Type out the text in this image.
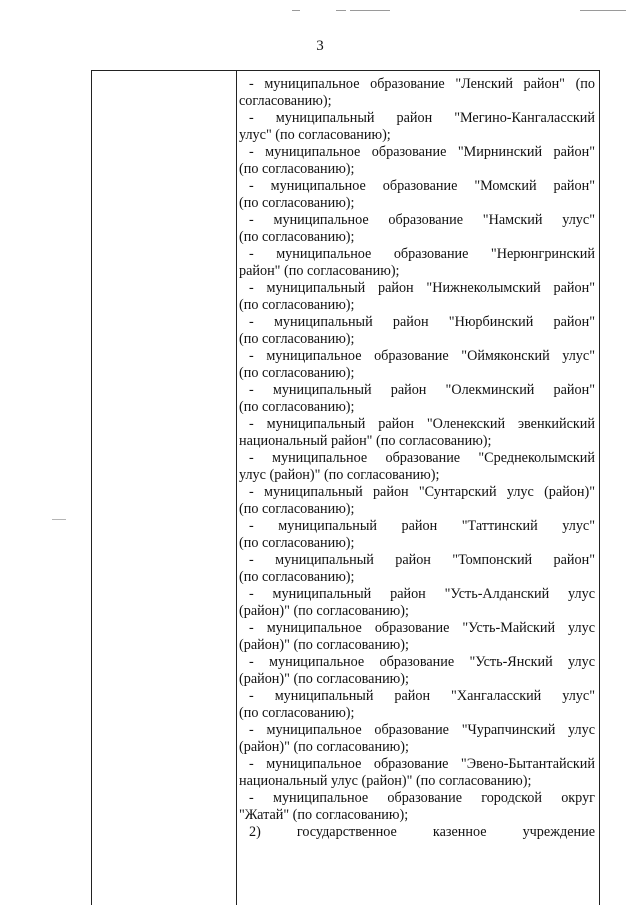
3
- муниципальное образование "Ленский район" (по
согласованию);
- муниципальный район "Мегино-Кангаласский
улус" (по согласованию);
- муниципальное образование "Мирнинский район"
(по согласованию);
- муниципальное образование "Момский район"
(по согласованию);
- муниципальное образование "Намский улус"
(по согласованию);
- муниципальное образование "Нерюнгринский
район" (по согласованию);
- муниципальный район "Нижнеколымский район"
(по согласованию);
- муниципальный район "Нюрбинский район"
(по согласованию);
- муниципальное образование "Оймяконский улус"
(по согласованию);
- муниципальный район "Олекминский район"
(по согласованию);
- муниципальный район "Оленекский эвенкийский
национальный район" (по согласованию);
- муниципальное образование "Среднеколымский
улус (район)" (по согласованию);
- муниципальный район "Сунтарский улус (район)"
(по согласованию);
- муниципальный район "Таттинский улус"
(по согласованию);
- муниципальный район "Томпонский район"
(по согласованию);
- муниципальный район "Усть-Алданский улус
(район)" (по согласованию);
- муниципальное образование "Усть-Майский улус
(район)" (по согласованию);
- муниципальное образование "Усть-Янский улус
(район)" (по согласованию);
- муниципальный район "Хангаласский улус"
(по согласованию);
- муниципальное образование "Чурапчинский улус
(район)" (по согласованию);
- муниципальное образование "Эвено-Бытантайский
национальный улус (район)" (по согласованию);
- муниципальное образование городской округ
"Жатай" (по согласованию);
2) государственное казенное учреждение
